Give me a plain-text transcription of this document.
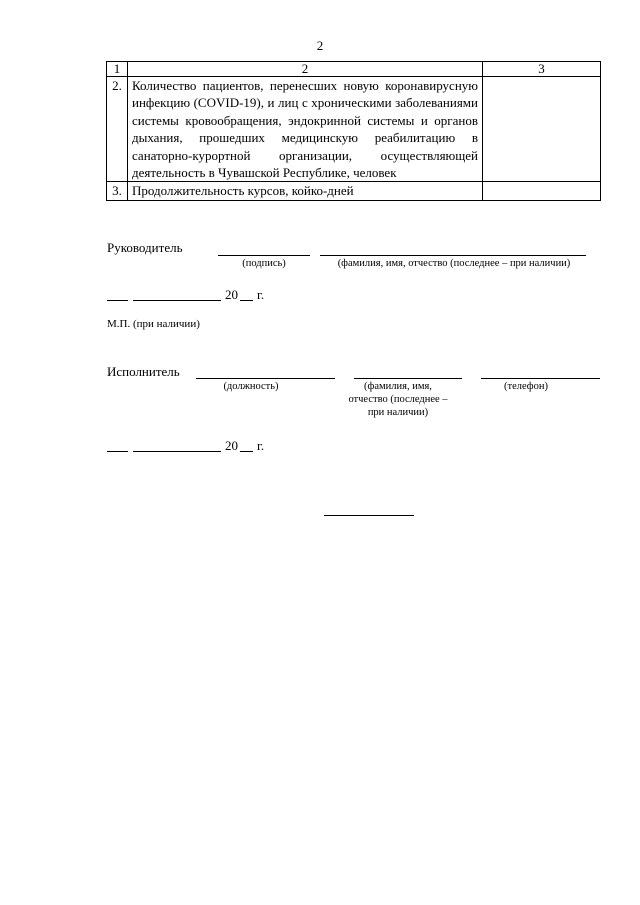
2
1	2	3
2.	Количество пациентов, перенесших новую коронавирусную инфекцию (COVID-19), и лиц с хроническими заболеваниями системы кровообращения, эндокринной системы и органов дыхания, прошедших медицинскую реабилитацию в санаторно-курортной организации, осуществляющей деятельность в Чувашской Республике, человек	
3.	Продолжительность курсов, койко-дней	
Руководитель
(подпись)	(фамилия, имя, отчество (последнее – при наличии)
20 г.
М.П. (при наличии)
Исполнитель
(должность)	(фамилия, имя,
отчество (последнее –
при наличии)
(телефон)
20 г.
